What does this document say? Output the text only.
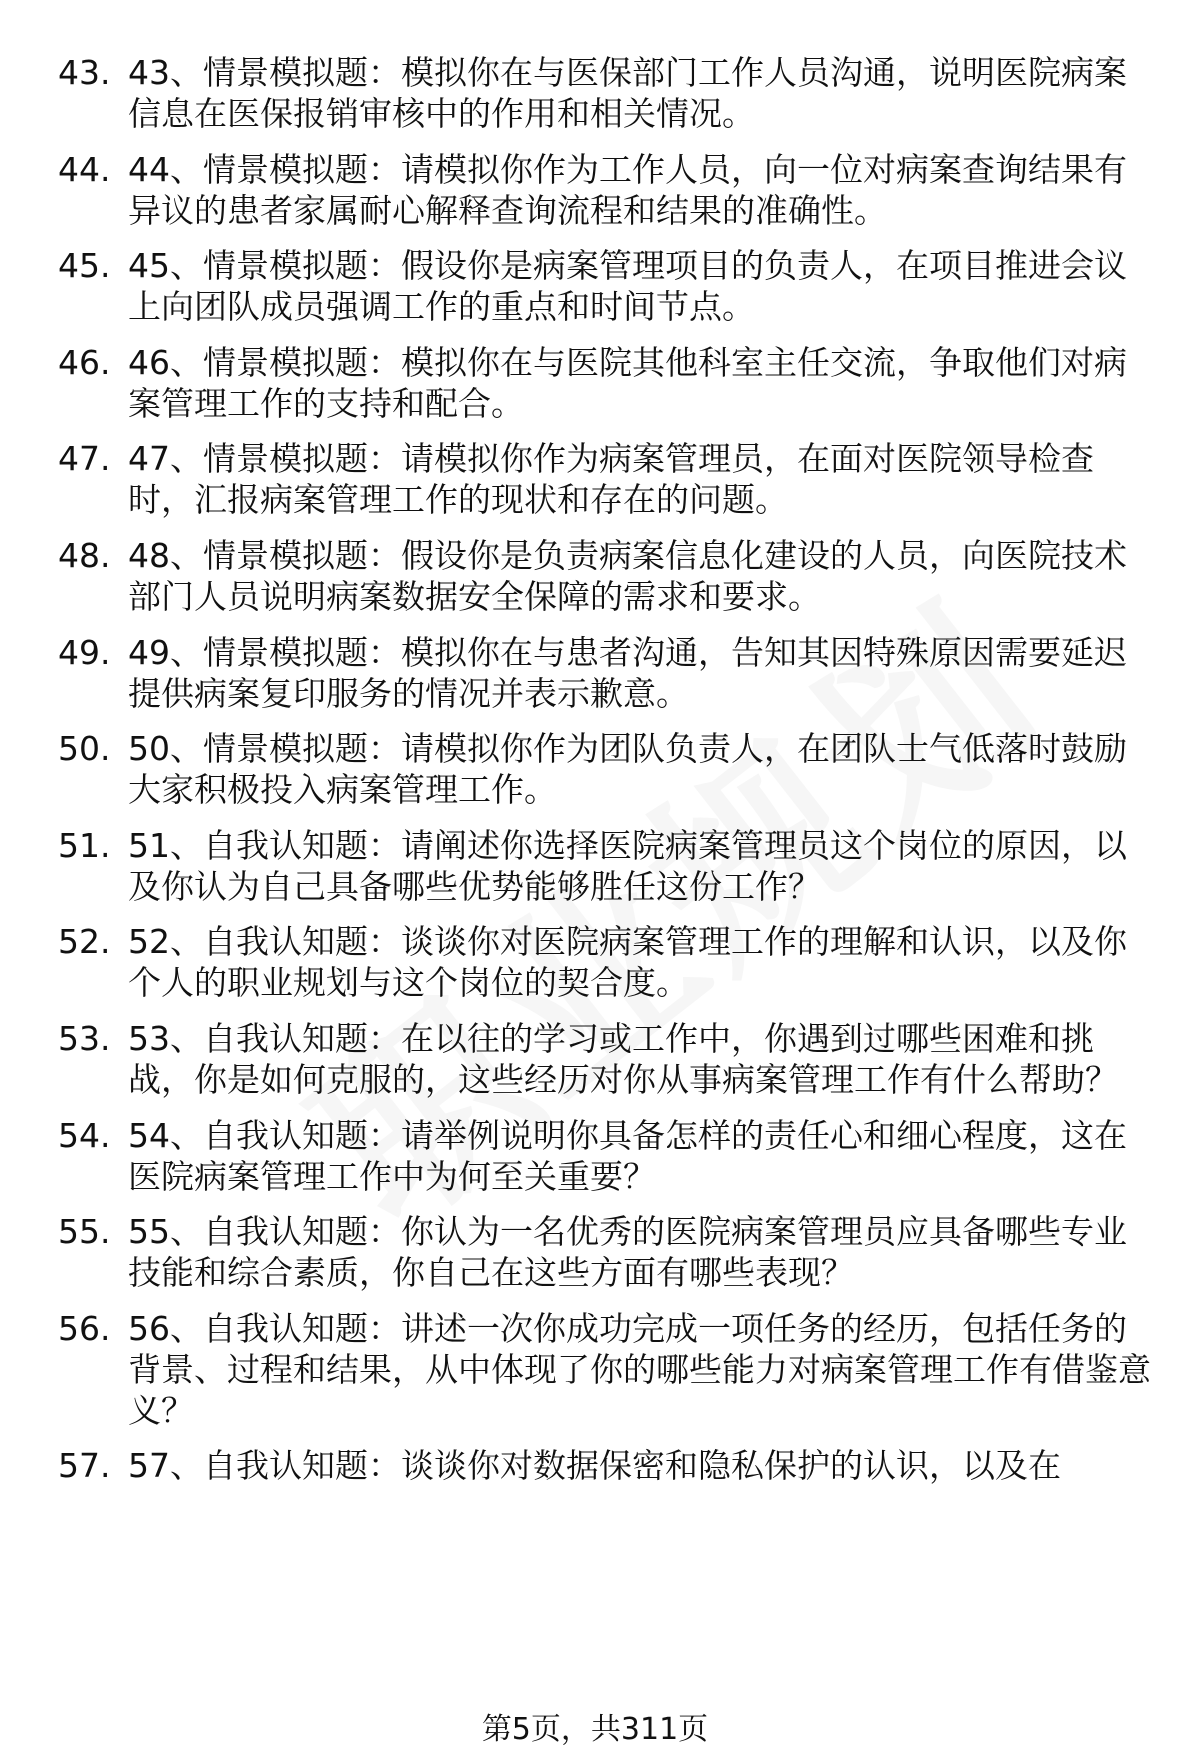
43. 43、情景模拟题：模拟你在与医保部门工作人员沟通，说明医院病案信息在医保报销审核中的作用和相关情况。
44. 44、情景模拟题：请模拟你作为工作人员，向一位对病案查询结果有异议的患者家属耐心解释查询流程和结果的准确性。
45. 45、情景模拟题：假设你是病案管理项目的负责人，在项目推进会议上向团队成员强调工作的重点和时间节点。
46. 46、情景模拟题：模拟你在与医院其他科室主任交流，争取他们对病案管理工作的支持和配合。
47. 47、情景模拟题：请模拟你作为病案管理员，在面对医院领导检查时，汇报病案管理工作的现状和存在的问题。
48. 48、情景模拟题：假设你是负责病案信息化建设的人员，向医院技术部门人员说明病案数据安全保障的需求和要求。
49. 49、情景模拟题：模拟你在与患者沟通，告知其因特殊原因需要延迟提供病案复印服务的情况并表示歉意。
50. 50、情景模拟题：请模拟你作为团队负责人，在团队士气低落时鼓励大家积极投入病案管理工作。
51. 51、自我认知题：请阐述你选择医院病案管理员这个岗位的原因，以及你认为自己具备哪些优势能够胜任这份工作？
52. 52、自我认知题：谈谈你对医院病案管理工作的理解和认识，以及你个人的职业规划与这个岗位的契合度。
53. 53、自我认知题：在以往的学习或工作中，你遇到过哪些困难和挑战，你是如何克服的，这些经历对你从事病案管理工作有什么帮助？
54. 54、自我认知题：请举例说明你具备怎样的责任心和细心程度，这在医院病案管理工作中为何至关重要？
55. 55、自我认知题：你认为一名优秀的医院病案管理员应具备哪些专业技能和综合素质，你自己在这些方面有哪些表现？
56. 56、自我认知题：讲述一次你成功完成一项任务的经历，包括任务的背景、过程和结果，从中体现了你的哪些能力对病案管理工作有借鉴意义？
57. 57、自我认知题：谈谈你对数据保密和隐私保护的认识，以及在
第5页，共311页
